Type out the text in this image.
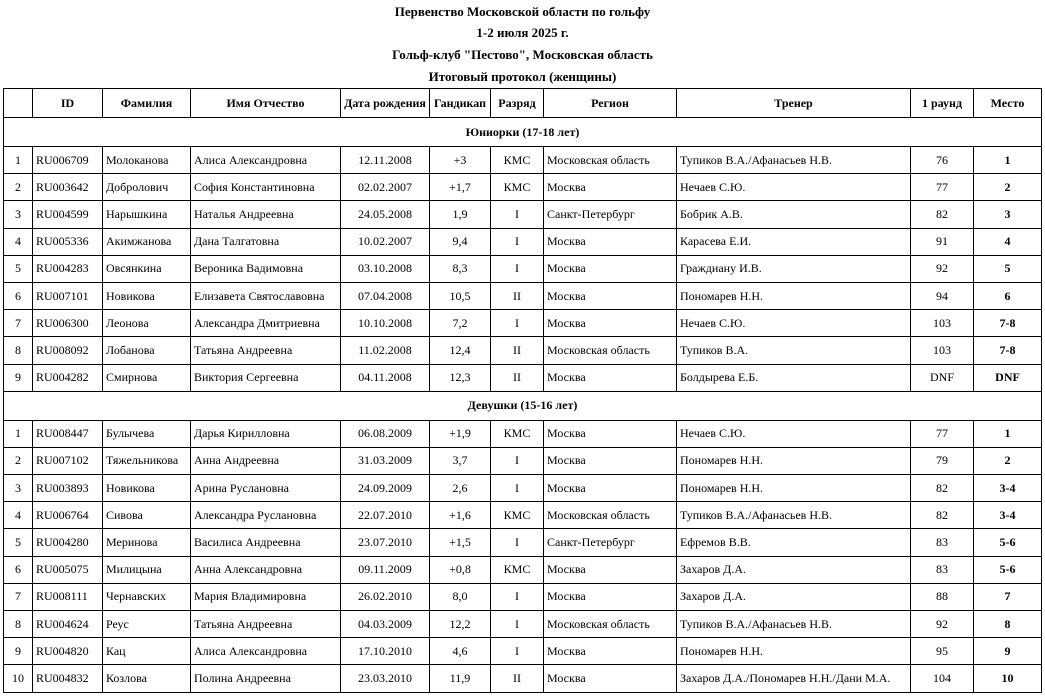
Первенство Московской области по гольфу
1-2 июля 2025 г.
Гольф-клуб "Пестово", Московская область
Итоговый протокол (женщины)
	ID	Фамилия	Имя Отчество	Дата рождения	Гандикап	Разряд	Регион	Тренер	1 раунд	Место
Юниорки (17-18 лет)										
1	RU006709	Молоканова	Алиса Александровна	12.11.2008	+3	КМС	Московская область	Тупиков В.А./Афанасьев Н.В.	76	1
2	RU003642	Добролович	София Константиновна	02.02.2007	+1,7	КМС	Москва	Нечаев С.Ю.	77	2
3	RU004599	Нарышкина	Наталья Андреевна	24.05.2008	1,9	I	Санкт-Петербург	Бобрик А.В.	82	3
4	RU005336	Акимжанова	Дана Талгатовна	10.02.2007	9,4	I	Москва	Карасева Е.И.	91	4
5	RU004283	Овсянкина	Вероника Вадимовна	03.10.2008	8,3	I	Москва	Граждиану И.В.	92	5
6	RU007101	Новикова	Елизавета Святославовна	07.04.2008	10,5	II	Москва	Пономарев Н.Н.	94	6
7	RU006300	Леонова	Александра Дмитриевна	10.10.2008	7,2	I	Москва	Нечаев С.Ю.	103	7-8
8	RU008092	Лобанова	Татьяна Андреевна	11.02.2008	12,4	II	Московская область	Тупиков В.А.	103	7-8
9	RU004282	Смирнова	Виктория Сергеевна	04.11.2008	12,3	II	Москва	Болдырева Е.Б.	DNF	DNF
Девушки (15-16 лет)										
1	RU008447	Булычева	Дарья Кирилловна	06.08.2009	+1,9	КМС	Москва	Нечаев С.Ю.	77	1
2	RU007102	Тяжельникова	Анна Андреевна	31.03.2009	3,7	I	Москва	Пономарев Н.Н.	79	2
3	RU003893	Новикова	Арина Руслановна	24.09.2009	2,6	I	Москва	Пономарев Н.Н.	82	3-4
4	RU006764	Сивова	Александра Руслановна	22.07.2010	+1,6	КМС	Московская область	Тупиков В.А./Афанасьев Н.В.	82	3-4
5	RU004280	Меринова	Василиса Андреевна	23.07.2010	+1,5	I	Санкт-Петербург	Ефремов В.В.	83	5-6
6	RU005075	Милицына	Анна Александровна	09.11.2009	+0,8	КМС	Москва	Захаров Д.А.	83	5-6
7	RU008111	Чернавских	Мария Владимировна	26.02.2010	8,0	I	Москва	Захаров Д.А.	88	7
8	RU004624	Реус	Татьяна Андреевна	04.03.2009	12,2	I	Московская область	Тупиков В.А./Афанасьев Н.В.	92	8
9	RU004820	Кац	Алиса Александровна	17.10.2010	4,6	I	Москва	Пономарев Н.Н.	95	9
10	RU004832	Козлова	Полина Андреевна	23.03.2010	11,9	II	Москва	Захаров Д.А./Пономарев Н.Н./Дани М.А.	104	10
